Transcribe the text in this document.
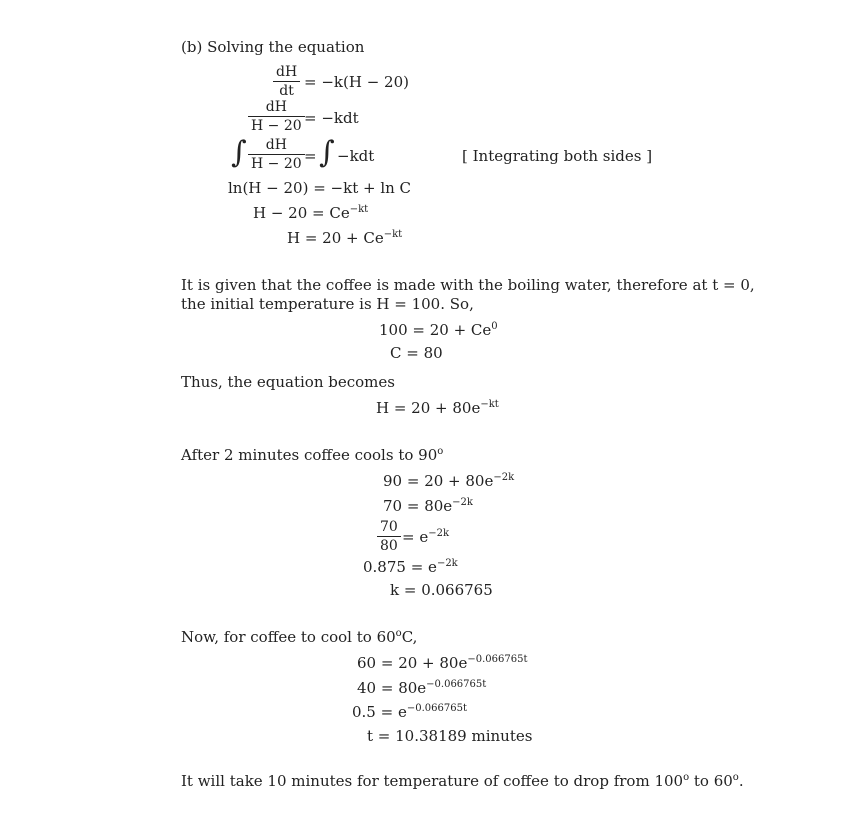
(b) Solving the equation
dH
dt = −k(H − 20)
dH
H − 20 = −kdt
∫ dH
H − 20 = ∫ −kdt	[ Integrating both sides ]
ln(H − 20) = −kt + ln C
$H - 20 = Ce^{-kt}$
$H = 20 + Ce^{-kt}$
It is given that the coffee is made with the boiling water, therefore at t = 0,
the initial temperature is H = 100. So,
$100 = 20 + Ce^0$
C = 80
Thus, the equation becomes
$H = 20 + 80e^{-kt}$
After 2 minutes coffee cools to 90$^o$
$90 = 20 + 80e^{-2k}$
$70 = 80e^{-2k}$
70
$80 = e^{-2k}$
$0.875 = e^{-2k}$
k = 0.066765
Now, for coffee to cool to 60$^o$C,
$60 = 20 + 80e^{-0.066765t}$
$40 = 80e^{-0.066765t}$
$0.5 = e^{-0.066765t}$
t = 10.38189 minutes
It will take 10 minutes for temperature of coffee to drop from 100$^o$ to 60$^o$.
